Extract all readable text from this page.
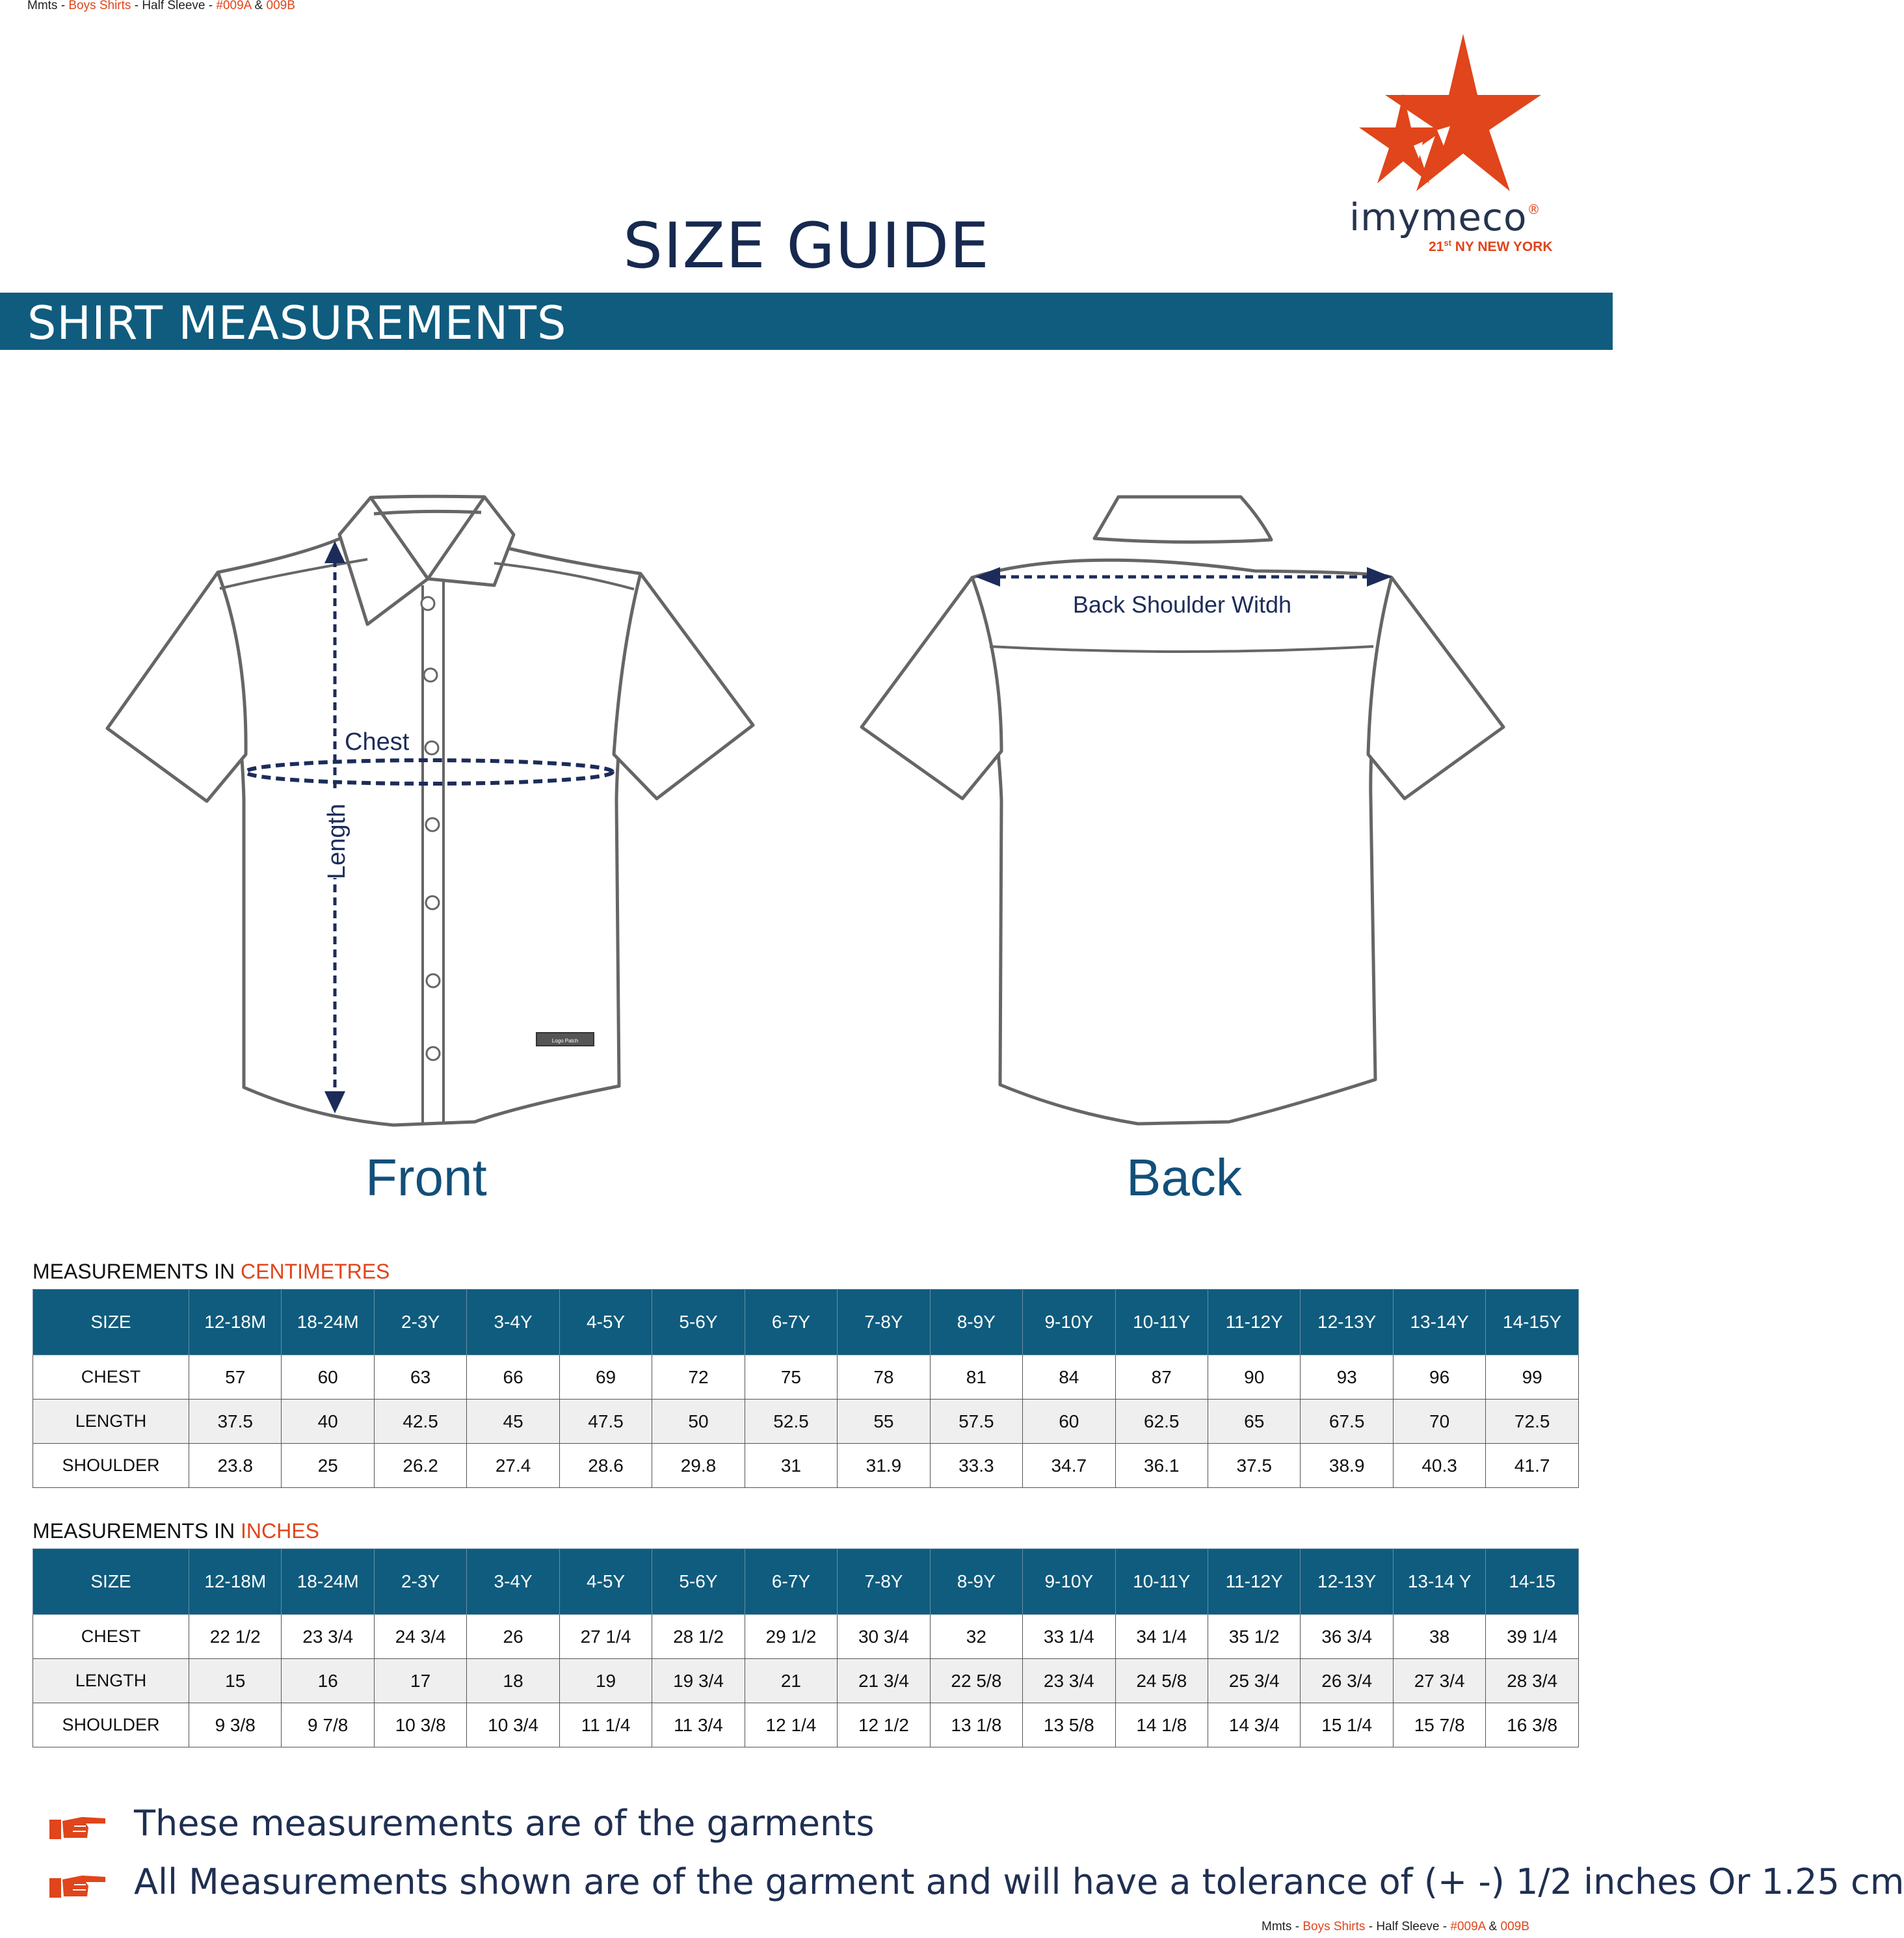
Mmts - Boys Shirts - Half Sleeve - #009A & 009B
imymeco®
21st NY NEW YORK
SIZE GUIDE
SHIRT MEASUREMENTS
Logo Patch
Length
Chest
Back Shoulder Witdh
Front	Back
MEASUREMENTS IN CENTIMETRES
SIZE	12-18M	18-24M	2-3Y	3-4Y	4-5Y	5-6Y	6-7Y	7-8Y	8-9Y	9-10Y	10-11Y	11-12Y	12-13Y	13-14Y	14-15Y
CHEST	57	60	63	66	69	72	75	78	81	84	87	90	93	96	99
LENGTH	37.5	40	42.5	45	47.5	50	52.5	55	57.5	60	62.5	65	67.5	70	72.5
SHOULDER	23.8	25	26.2	27.4	28.6	29.8	31	31.9	33.3	34.7	36.1	37.5	38.9	40.3	41.7
MEASUREMENTS IN INCHES
SIZE	12-18M	18-24M	2-3Y	3-4Y	4-5Y	5-6Y	6-7Y	7-8Y	8-9Y	9-10Y	10-11Y	11-12Y	12-13Y	13-14 Y	14-15
CHEST	22 1/2	23 3/4	24 3/4	26	27 1/4	28 1/2	29 1/2	30 3/4	32	33 1/4	34 1/4	35 1/2	36 3/4	38	39 1/4
LENGTH	15	16	17	18	19	19 3/4	21	21 3/4	22 5/8	23 3/4	24 5/8	25 3/4	26 3/4	27 3/4	28 3/4
SHOULDER	9 3/8	9 7/8	10 3/8	10 3/4	11 1/4	11 3/4	12 1/4	12 1/2	13 1/8	13 5/8	14 1/8	14 3/4	15 1/4	15 7/8	16 3/8
These measurements are of the garments
All Measurements shown are of the garment and will have a tolerance of (+ -) 1/2 inches Or 1.25 cm
Mmts - Boys Shirts - Half Sleeve - #009A & 009B
